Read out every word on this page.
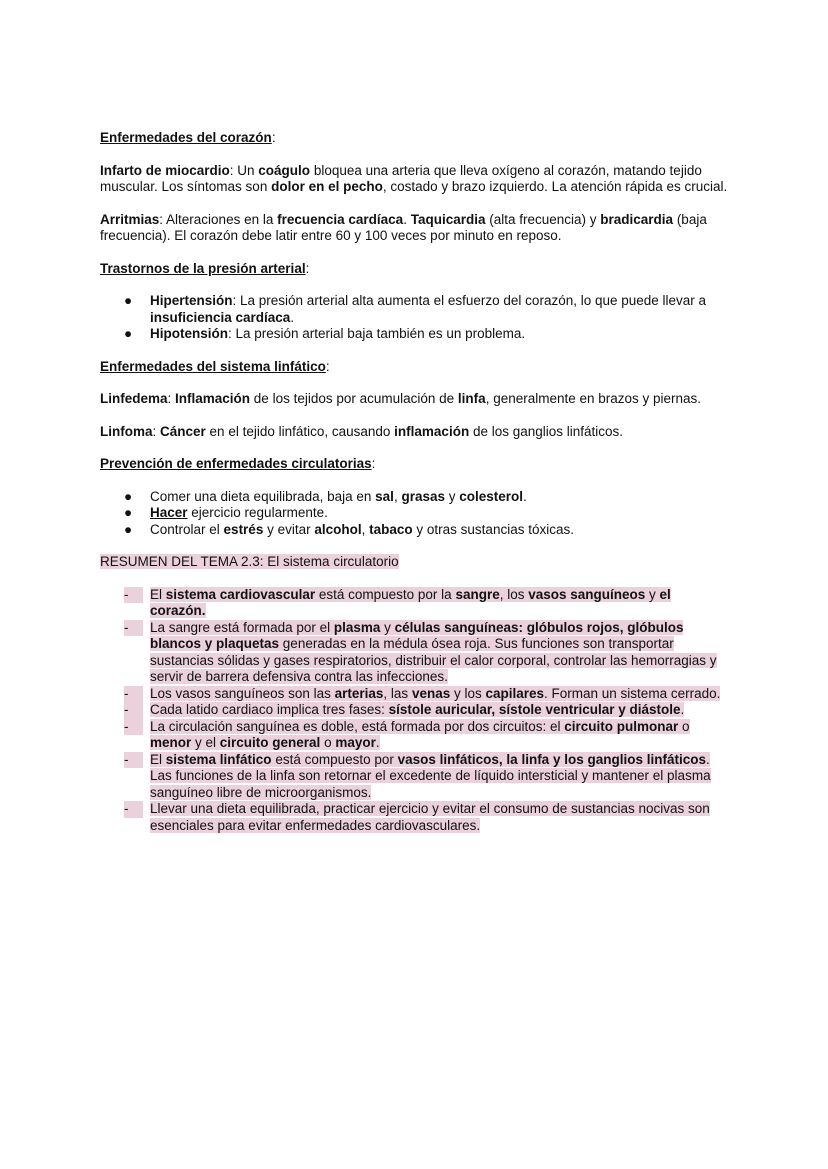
Enfermedades del corazón:

Infarto de miocardio: Un coágulo bloquea una arteria que lleva oxígeno al corazón, matando tejido muscular. Los síntomas son dolor en el pecho, costado y brazo izquierdo. La atención rápida es crucial.

Arritmias: Alteraciones en la frecuencia cardíaca. Taquicardia (alta frecuencia) y bradicardia (baja frecuencia). El corazón debe latir entre 60 y 100 veces por minuto en reposo.

Trastornos de la presión arterial:

● Hipertensión: La presión arterial alta aumenta el esfuerzo del corazón, lo que puede llevar a insuficiencia cardíaca.
● Hipotensión: La presión arterial baja también es un problema.

Enfermedades del sistema linfático:

Linfedema: Inflamación de los tejidos por acumulación de linfa, generalmente en brazos y piernas.

Linfoma: Cáncer en el tejido linfático, causando inflamación de los ganglios linfáticos.

Prevención de enfermedades circulatorias:

● Comer una dieta equilibrada, baja en sal, grasas y colesterol.
● Hacer ejercicio regularmente.
● Controlar el estrés y evitar alcohol, tabaco y otras sustancias tóxicas.

RESUMEN DEL TEMA 2.3: El sistema circulatorio

-	El sistema cardiovascular está compuesto por la sangre, los vasos sanguíneos y el corazón.
-	La sangre está formada por el plasma y células sanguíneas: glóbulos rojos, glóbulos blancos y plaquetas generadas en la médula ósea roja. Sus funciones son transportar sustancias sólidas y gases respiratorios, distribuir el calor corporal, controlar las hemorragias y servir de barrera defensiva contra las infecciones.
-	Los vasos sanguíneos son las arterias, las venas y los capilares. Forman un sistema cerrado.
-	Cada latido cardiaco implica tres fases: sístole auricular, sístole ventricular y diástole.
-	La circulación sanguínea es doble, está formada por dos circuitos: el circuito pulmonar o menor y el circuito general o mayor.
-	El sistema linfático está compuesto por vasos linfáticos, la linfa y los ganglios linfáticos. Las funciones de la linfa son retornar el excedente de líquido intersticial y mantener el plasma sanguíneo libre de microorganismos.
-	Llevar una dieta equilibrada, practicar ejercicio y evitar el consumo de sustancias nocivas son esenciales para evitar enfermedades cardiovasculares.
